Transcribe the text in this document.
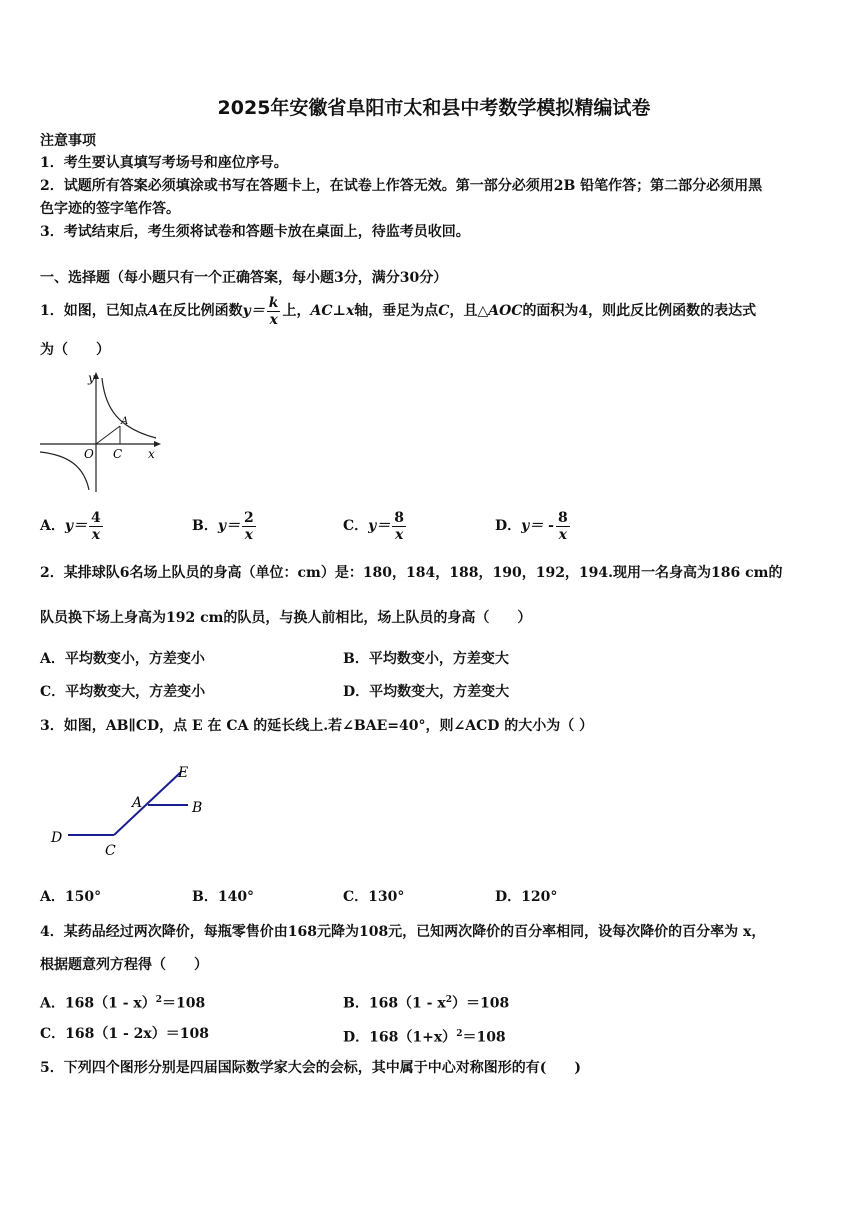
2025年安徽省阜阳市太和县中考数学模拟精编试卷
注意事项
1．考生要认真填写考场号和座位序号。
2．试题所有答案必须填涂或书写在答题卡上，在试卷上作答无效。第一部分必须用2B 铅笔作答；第二部分必须用黑
色字迹的签字笔作答。
3．考试结束后，考生须将试卷和答题卡放在桌面上，待监考员收回。
一、选择题（每小题只有一个正确答案，每小题3分，满分30分）
1．如图，已知点A在反比例函数$y= \frac{k}{x}$ 上，AC⊥x轴，垂足为点C，且△AOC的面积为4，则此反比例函数的表达式
为（　　）
y
x
O C
A
A．$y= \frac{4}{x}$	B．$y= \frac{2}{x}$	C．$y= \frac{8}{x}$	D．$y= - \frac{8}{x}$
2．某排球队6名场上队员的身高（单位：cm）是：180，184，188，190，192，194.现用一名身高为186 cm的
队员换下场上身高为192 cm的队员，与换人前相比，场上队员的身高（　　）
A．平均数变小，方差变小	B．平均数变小，方差变大
C．平均数变大，方差变小	D．平均数变大，方差变大
3．如图，AB∥CD，点 E 在 CA 的延长线上.若∠BAE=40°，则∠ACD 的大小为（ ）
E
A	B
D
C
A．150°	B．140°	C．130°	D．120°
4．某药品经过两次降价，每瓶零售价由168元降为108元，已知两次降价的百分率相同，设每次降价的百分率为 x，
根据题意列方程得（　　）
A．168（1 - x）$^2$＝108	B．$168(1 - x^2)=108$
C．168（1 - 2x）＝108	D．$168(1+x)^2=108$
5．下列四个图形分别是四届国际数学家大会的会标，其中属于中心对称图形的有(　　)
